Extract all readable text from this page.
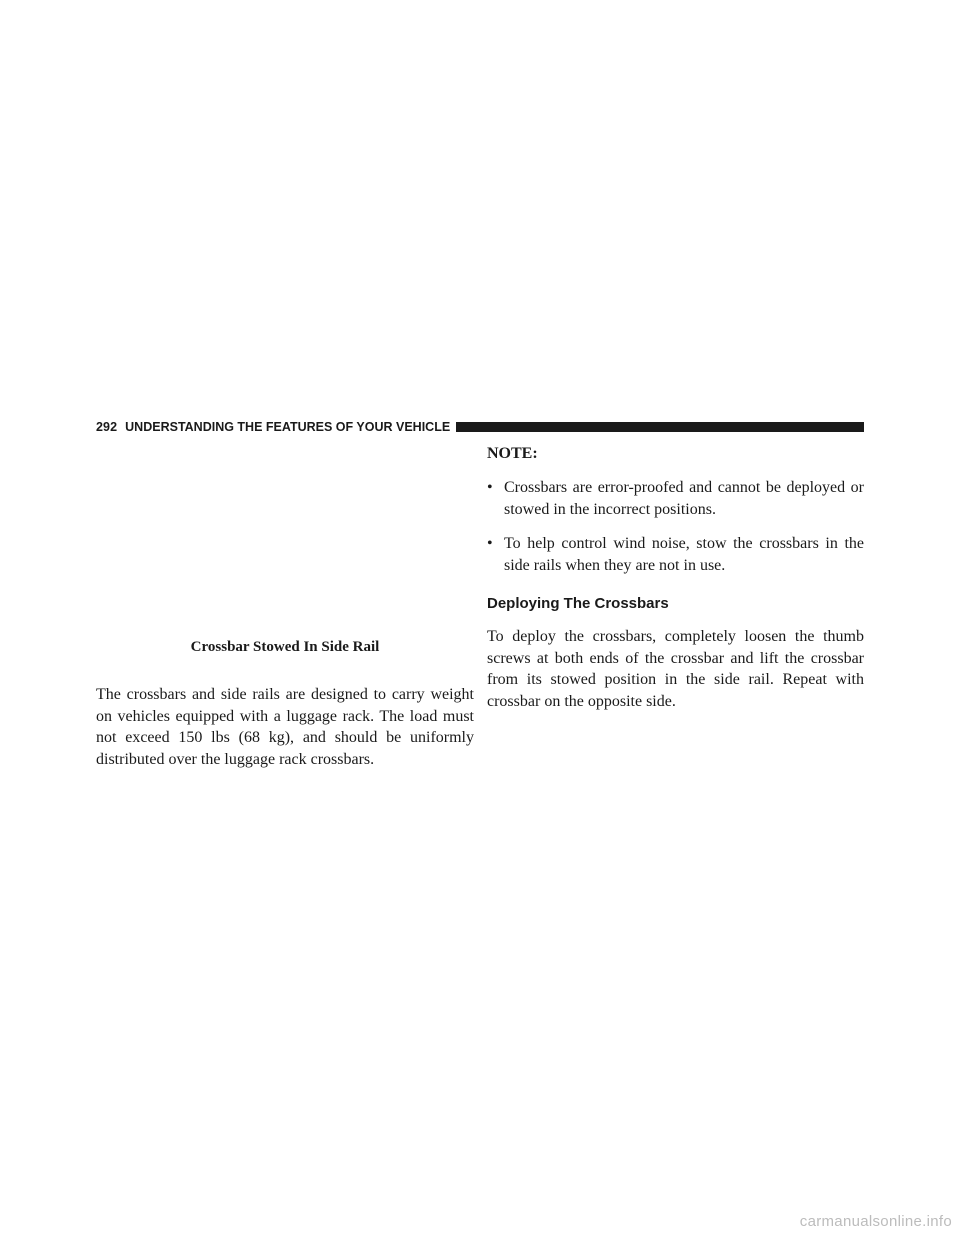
292 UNDERSTANDING THE FEATURES OF YOUR VEHICLE
Crossbar Stowed In Side Rail

The crossbars and side rails are designed to carry weight on vehicles equipped with a luggage rack. The load must not exceed 150 lbs (68 kg), and should be uniformly distributed over the luggage rack crossbars.

NOTE:
• Crossbars are error-proofed and cannot be deployed or stowed in the incorrect positions.
• To help control wind noise, stow the crossbars in the side rails when they are not in use.
Deploying The Crossbars

To deploy the crossbars, completely loosen the thumb screws at both ends of the crossbar and lift the crossbar from its stowed position in the side rail. Repeat with crossbar on the opposite side.

carmanualsonline.info
